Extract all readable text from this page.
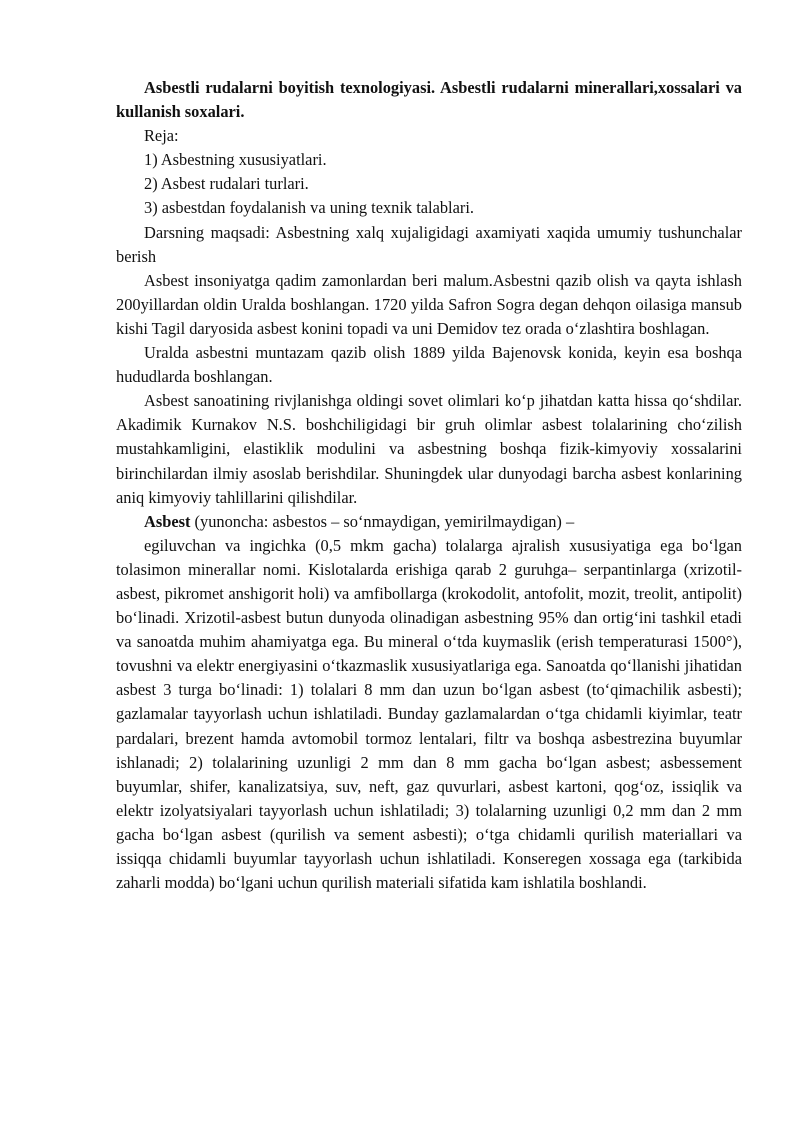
Asbestli rudalarni boyitish texnologiyasi. Asbestli rudalarni minerallari,xossalari va kullanish soxalari.

Reja:

1) Asbestning xususiyatlari.

2) Asbest rudalari turlari.

3) asbestdan foydalanish va uning texnik talablari.

Darsning maqsadi: Asbestning xalq xujaligidagi axamiyati xaqida umumiy tushunchalar berish

Asbest insoniyatga qadim zamonlardan beri malum.Asbestni qazib olish va qayta ishlash 200yillardan oldin Uralda boshlangan. 1720 yilda Safron Sogra degan dehqon oilasiga mansub kishi Tagil daryosida asbest konini topadi va uni Demidov tez orada o‘zlashtira boshlagan.

Uralda asbestni muntazam qazib olish 1889 yilda Bajenovsk konida, keyin esa boshqa hududlarda boshlangan.

Asbest sanoatining rivjlanishga oldingi sovet olimlari ko‘p jihatdan katta hissa qo‘shdilar. Akadimik Kurnakov N.S. boshchiligidagi bir gruh olimlar asbest tolalarining cho‘zilish mustahkamligini, elastiklik modulini va asbestning boshqa fizik-kimyoviy xossalarini birinchilardan ilmiy asoslab berishdilar. Shuningdek ular dunyodagi barcha asbest konlarining aniq kimyoviy tahlillarini qilishdilar.

Asbest (yunoncha: asbestos – so‘nmaydigan, yemirilmaydigan) –

egiluvchan va ingichka (0,5 mkm gacha) tolalarga ajralish xususiyatiga ega bo‘lgan tolasimon minerallar nomi. Kislotalarda erishiga qarab 2 guruhga– serpantinlarga (xrizotil-asbest, pikromet anshigorit holi) va amfibollarga (krokodolit, antofolit, mozit, treolit, antipolit) bo‘linadi. Xrizotil-asbest butun dunyoda olinadigan asbestning 95% dan ortig‘ini tashkil etadi va sanoatda muhim ahamiyatga ega. Bu mineral o‘tda kuymaslik (erish temperaturasi 1500°), tovushni va elektr energiyasini o‘tkazmaslik xususiyatlariga ega. Sanoatda qo‘llanishi jihatidan asbest 3 turga bo‘linadi: 1) tolalari 8 mm dan uzun bo‘lgan asbest (to‘qimachilik asbesti); gazlamalar tayyorlash uchun ishlatiladi. Bunday gazlamalardan o‘tga chidamli kiyimlar, teatr pardalari, brezent hamda avtomobil tormoz lentalari, filtr va boshqa asbestrezina buyumlar ishlanadi; 2) tolalarining uzunligi 2 mm dan 8 mm gacha bo‘lgan asbest; asbessement buyumlar, shifer, kanalizatsiya, suv, neft, gaz quvurlari, asbest kartoni, qog‘oz, issiqlik va elektr izolyatsiyalari tayyorlash uchun ishlatiladi; 3) tolalarning uzunligi 0,2 mm dan 2 mm gacha bo‘lgan asbest (qurilish va sement asbesti); o‘tga chidamli qurilish materiallari va issiqqa chidamli buyumlar tayyorlash uchun ishlatiladi. Konseregen xossaga ega (tarkibida zaharli modda) bo‘lgani uchun qurilish materiali sifatida kam ishlatila boshlandi.
